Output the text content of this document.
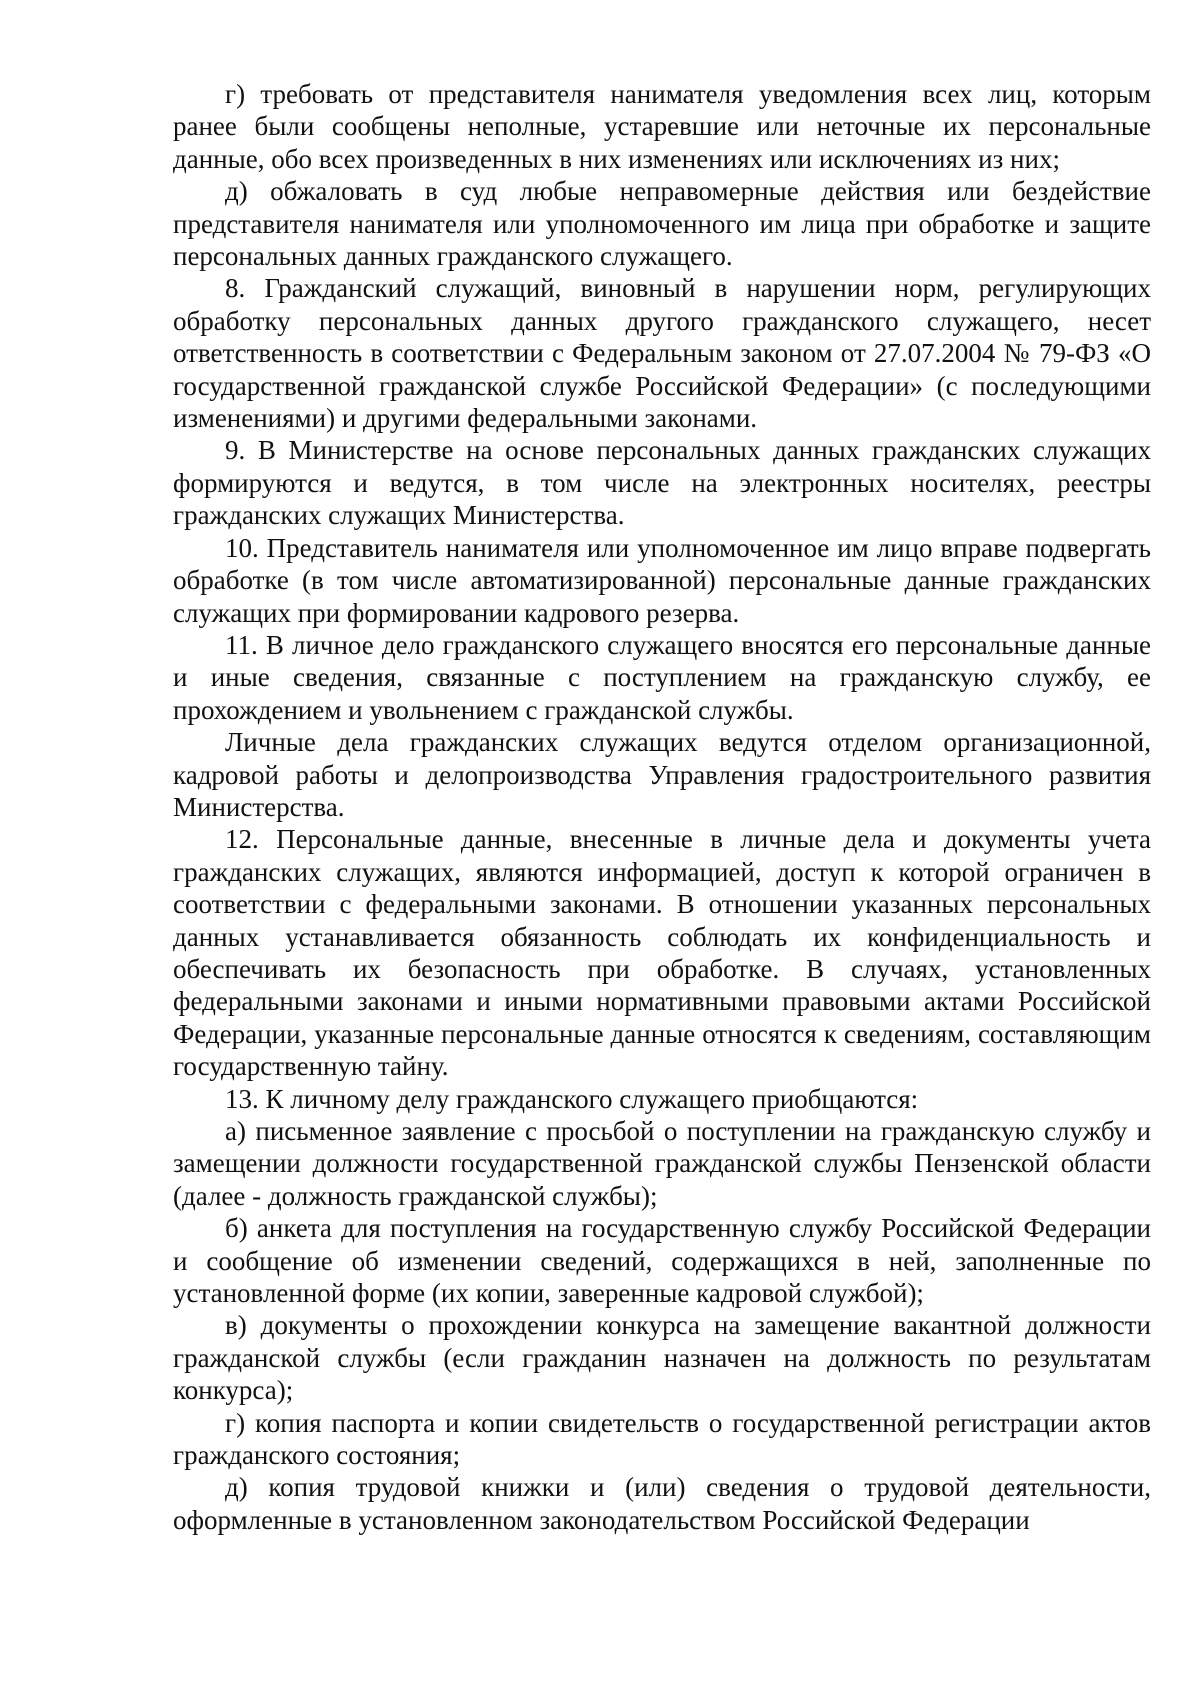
г) требовать от представителя нанимателя уведомления всех лиц, которым ранее были сообщены неполные, устаревшие или неточные их персональные данные, обо всех произведенных в них изменениях или исключениях из них;

д) обжаловать в суд любые неправомерные действия или бездействие представителя нанимателя или уполномоченного им лица при обработке и защите персональных данных гражданского служащего.

8. Гражданский служащий, виновный в нарушении норм, регулирующих обработку персональных данных другого гражданского служащего, несет ответственность в соответствии с Федеральным законом от 27.07.2004 № 79-ФЗ «О государственной гражданской службе Российской Федерации» (с последующими изменениями) и другими федеральными законами.

9. В Министерстве на основе персональных данных гражданских служащих формируются и ведутся, в том числе на электронных носителях, реестры гражданских служащих Министерства.

10. Представитель нанимателя или уполномоченное им лицо вправе подвергать обработке (в том числе автоматизированной) персональные данные гражданских служащих при формировании кадрового резерва.

11. В личное дело гражданского служащего вносятся его персональные данные и иные сведения, связанные с поступлением на гражданскую службу, ее прохождением и увольнением с гражданской службы.

Личные дела гражданских служащих ведутся отделом организационной, кадровой работы и делопроизводства Управления градостроительного развития Министерства.

12. Персональные данные, внесенные в личные дела и документы учета гражданских служащих, являются информацией, доступ к которой ограничен в соответствии с федеральными законами. В отношении указанных персональных данных устанавливается обязанность соблюдать их конфиденциальность и обеспечивать их безопасность при обработке. В случаях, установленных федеральными законами и иными нормативными правовыми актами Российской Федерации, указанные персональные данные относятся к сведениям, составляющим государственную тайну.

13. К личному делу гражданского служащего приобщаются:

а) письменное заявление с просьбой о поступлении на гражданскую службу и замещении должности государственной гражданской службы Пензенской области (далее - должность гражданской службы);

б) анкета для поступления на государственную службу Российской Федерации и сообщение об изменении сведений, содержащихся в ней, заполненные по установленной форме (их копии, заверенные кадровой службой);

в) документы о прохождении конкурса на замещение вакантной должности гражданской службы (если гражданин назначен на должность по результатам конкурса);

г) копия паспорта и копии свидетельств о государственной регистрации актов гражданского состояния;

д) копия трудовой книжки и (или) сведения о трудовой деятельности, оформленные в установленном законодательством Российской Федерации
